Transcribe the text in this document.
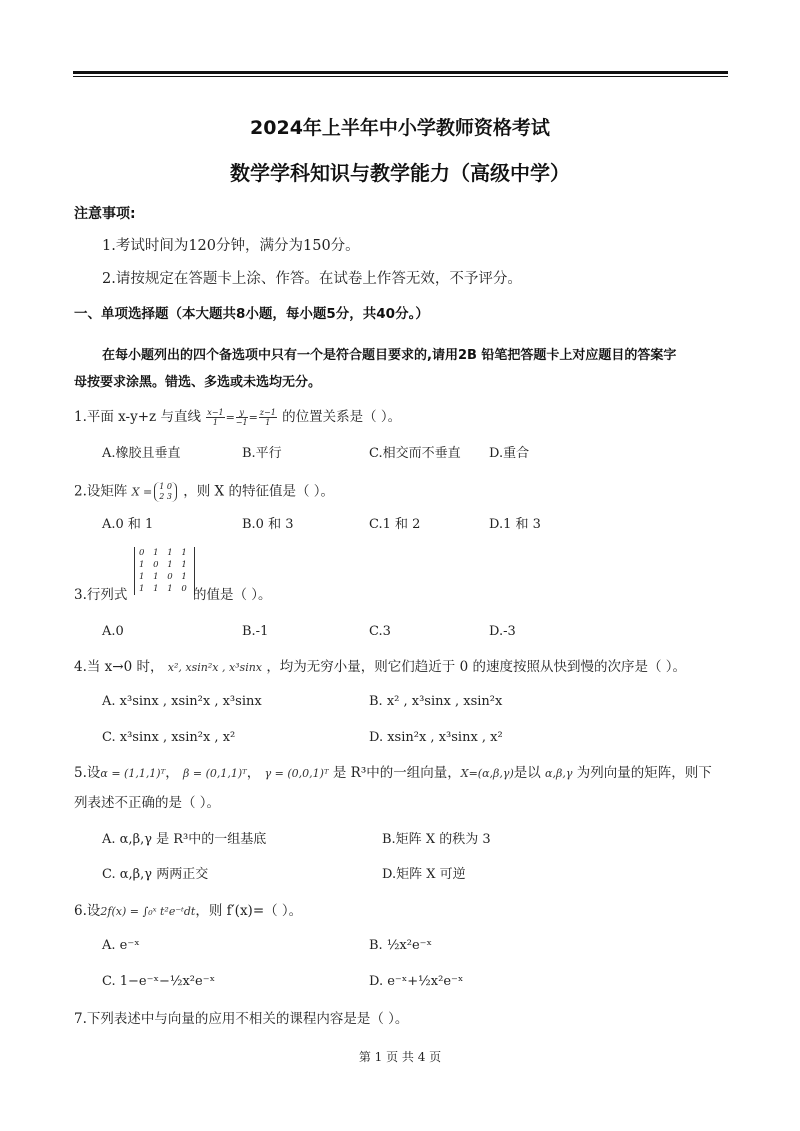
2024年上半年中小学教师资格考试
数学学科知识与教学能力（高级中学）
注意事项:
1.考试时间为120分钟，满分为150分。
2.请按规定在答题卡上涂、作答。在试卷上作答无效，不予评分。
一、单项选择题（本大题共8小题，每小题5分，共40分。）
在每小题列出的四个备选项中只有一个是符合题目要求的,请用2B 铅笔把答题卡上对应题目的答案字
母按要求涂黑。错选、多选或未选均无分。
1.平面 x-y+z 与直线 $\frac{x-1}{1} = \frac{y}{-1} = \frac{z-1}{1}$ 的位置关系是（ ）。
A.橡胶且垂直	B.平行	C.相交而不垂直 D.重合
2.设矩阵 X = 1 0
2 3 ，则 X 的特征值是（ ）。
A.0 和 1	B.0 和 3	C.1 和 2	D.1 和 3
0 1 1 1
1 0 1 1
1 1 0 1
1 1 1 0
3.行列式	的值是（ ）。
A.0	B.-1	C.3	D.-3
4.当 x→0 时， x², xsin²x , x³sinx ，均为无穷小量，则它们趋近于 0 的速度按照从快到慢的次序是（ ）。
A. x³sinx , xsin²x , x³sinx	B. x² , x³sinx , xsin²x
C. x³sinx , xsin²x , x²	D. xsin²x , x³sinx , x²
5.设α = (1,1,1)ᵀ， β = (0,1,1)ᵀ， γ = (0,0,1)ᵀ 是 R³中的一组向量，X=(α,β,γ)是以 α,β,γ 为列向量的矩阵，则下
列表述不正确的是（ ）。
A. α,β,γ 是 R³中的一组基底	B.矩阵 X 的秩为 3
C. α,β,γ 两两正交	D.矩阵 X 可逆
6.设2f(x) = ∫₀ˣ t²e⁻ᵗdt，则 f′(x)=（ ）。
A. e⁻ˣ	B. ½x²e⁻ˣ
C. 1−e⁻ˣ−½x²e⁻ˣ	D. e⁻ˣ+½x²e⁻ˣ
7.下列表述中与向量的应用不相关的课程内容是是（ ）。
第 1 页 共 4 页
